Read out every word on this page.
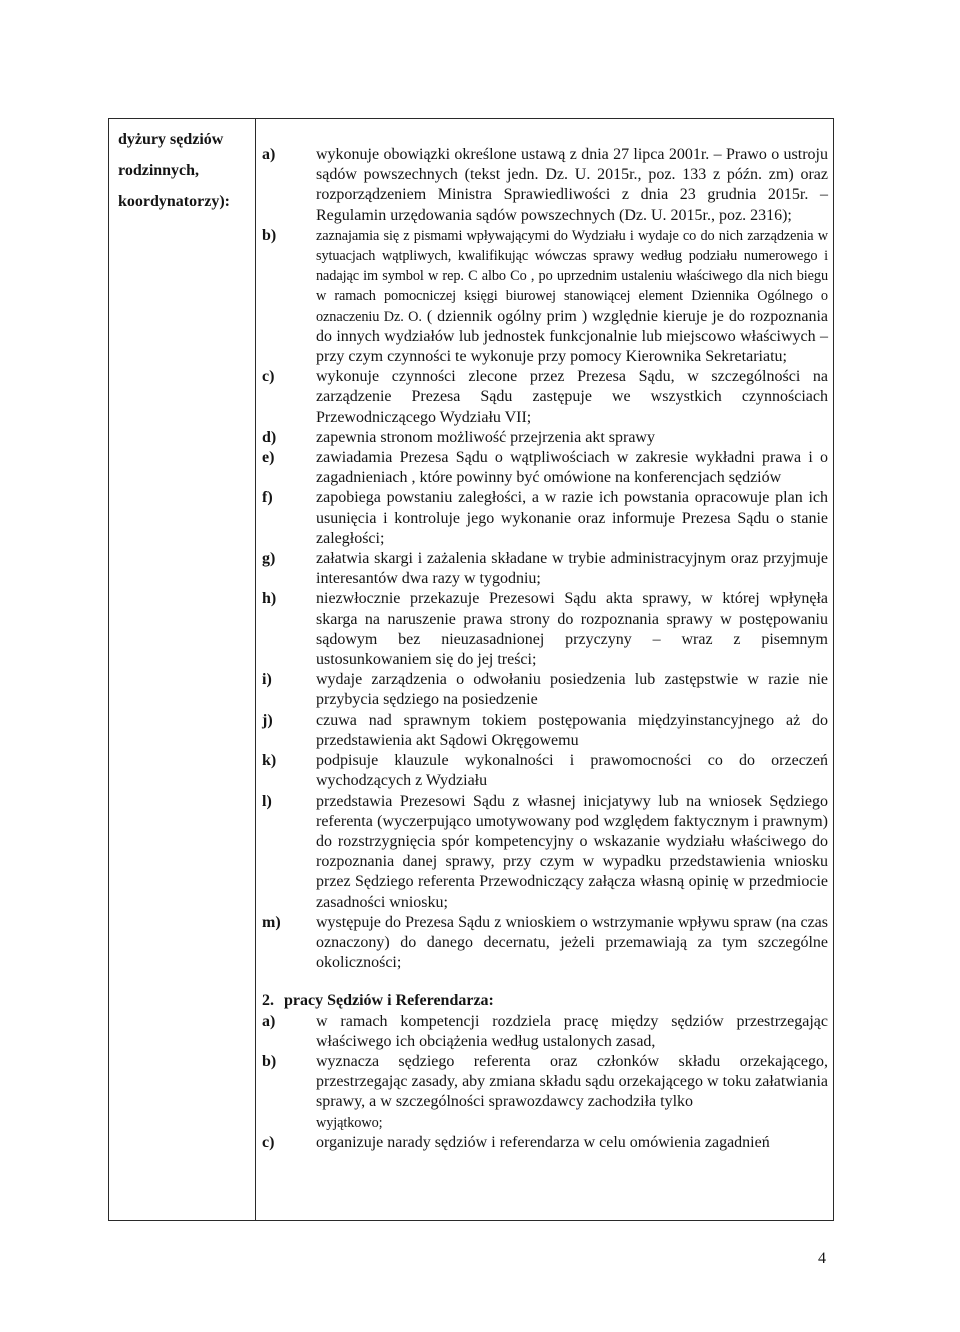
dyżury sędziów
rodzinnych,
koordynatorzy):
a)	wykonuje obowiązki określone ustawą z dnia 27 lipca 2001r. – Prawo o ustroju sądów powszechnych (tekst jedn. Dz. U. 2015r., poz. 133 z późn. zm) oraz rozporządzeniem Ministra Sprawiedliwości z dnia 23 grudnia 2015r. – Regulamin urzędowania sądów powszechnych (Dz. U. 2015r., poz. 2316);
b)	zaznajamia się z pismami wpływającymi do Wydziału i wydaje co do nich zarządzenia w sytuacjach wątpliwych, kwalifikując wówczas sprawy według podziału numerowego i nadając im symbol w rep. C albo Co , po uprzednim ustaleniu właściwego dla nich biegu w ramach pomocniczej księgi biurowej stanowiącej element Dziennika Ogólnego o oznaczeniu Dz. O. ( dziennik ogólny prim ) względnie kieruje je do rozpoznania do innych wydziałów lub jednostek funkcjonalnie lub miejscowo właściwych – przy czym czynności te wykonuje przy pomocy Kierownika Sekretariatu;
c)	wykonuje czynności zlecone przez Prezesa Sądu, w szczególności na zarządzenie Prezesa Sądu zastępuje we wszystkich czynnościach Przewodniczącego Wydziału VII;
d)	zapewnia stronom możliwość przejrzenia akt sprawy
e)	zawiadamia Prezesa Sądu o wątpliwościach w zakresie wykładni prawa i o zagadnieniach , które powinny być omówione na konferencjach sędziów
f)	zapobiega powstaniu zaległości, a w razie ich powstania opracowuje plan ich usunięcia i kontroluje jego wykonanie oraz informuje Prezesa Sądu o stanie zaległości;
g)	załatwia skargi i zażalenia składane w trybie administracyjnym oraz przyjmuje interesantów dwa razy w tygodniu;
h)	niezwłocznie przekazuje Prezesowi Sądu akta sprawy, w której wpłynęła skarga na naruszenie prawa strony do rozpoznania sprawy w postępowaniu sądowym bez nieuzasadnionej przyczyny – wraz z pisemnym ustosunkowaniem się do jej treści;
i)	wydaje zarządzenia o odwołaniu posiedzenia lub zastępstwie w razie nie przybycia sędziego na posiedzenie
j)	czuwa nad sprawnym tokiem postępowania międzyinstancyjnego aż do przedstawienia akt Sądowi Okręgowemu
k)	podpisuje klauzule wykonalności i prawomocności co do orzeczeń wychodzących z Wydziału
l)	przedstawia Prezesowi Sądu z własnej inicjatywy lub na wniosek Sędziego referenta (wyczerpująco umotywowany pod względem faktycznym i prawnym) do rozstrzygnięcia spór kompetencyjny o wskazanie wydziału właściwego do rozpoznania danej sprawy, przy czym w wypadku przedstawienia wniosku przez Sędziego referenta Przewodniczący załącza własną opinię w przedmiocie zasadności wniosku;
m)	występuje do Prezesa Sądu z wnioskiem o wstrzymanie wpływu spraw (na czas oznaczony) do danego decernatu, jeżeli przemawiają za tym szczególne okoliczności;
2. pracy Sędziów i Referendarza:
a)	w ramach kompetencji rozdziela pracę między sędziów przestrzegając właściwego ich obciążenia według ustalonych zasad,
b)	wyznacza sędziego referenta oraz członków składu orzekającego, przestrzegając zasady, aby zmiana składu sądu orzekającego w toku załatwiania sprawy, a w szczególności sprawozdawcy zachodziła tylko
wyjątkowo;
c)	organizuje narady sędziów i referendarza w celu omówienia zagadnień
4
